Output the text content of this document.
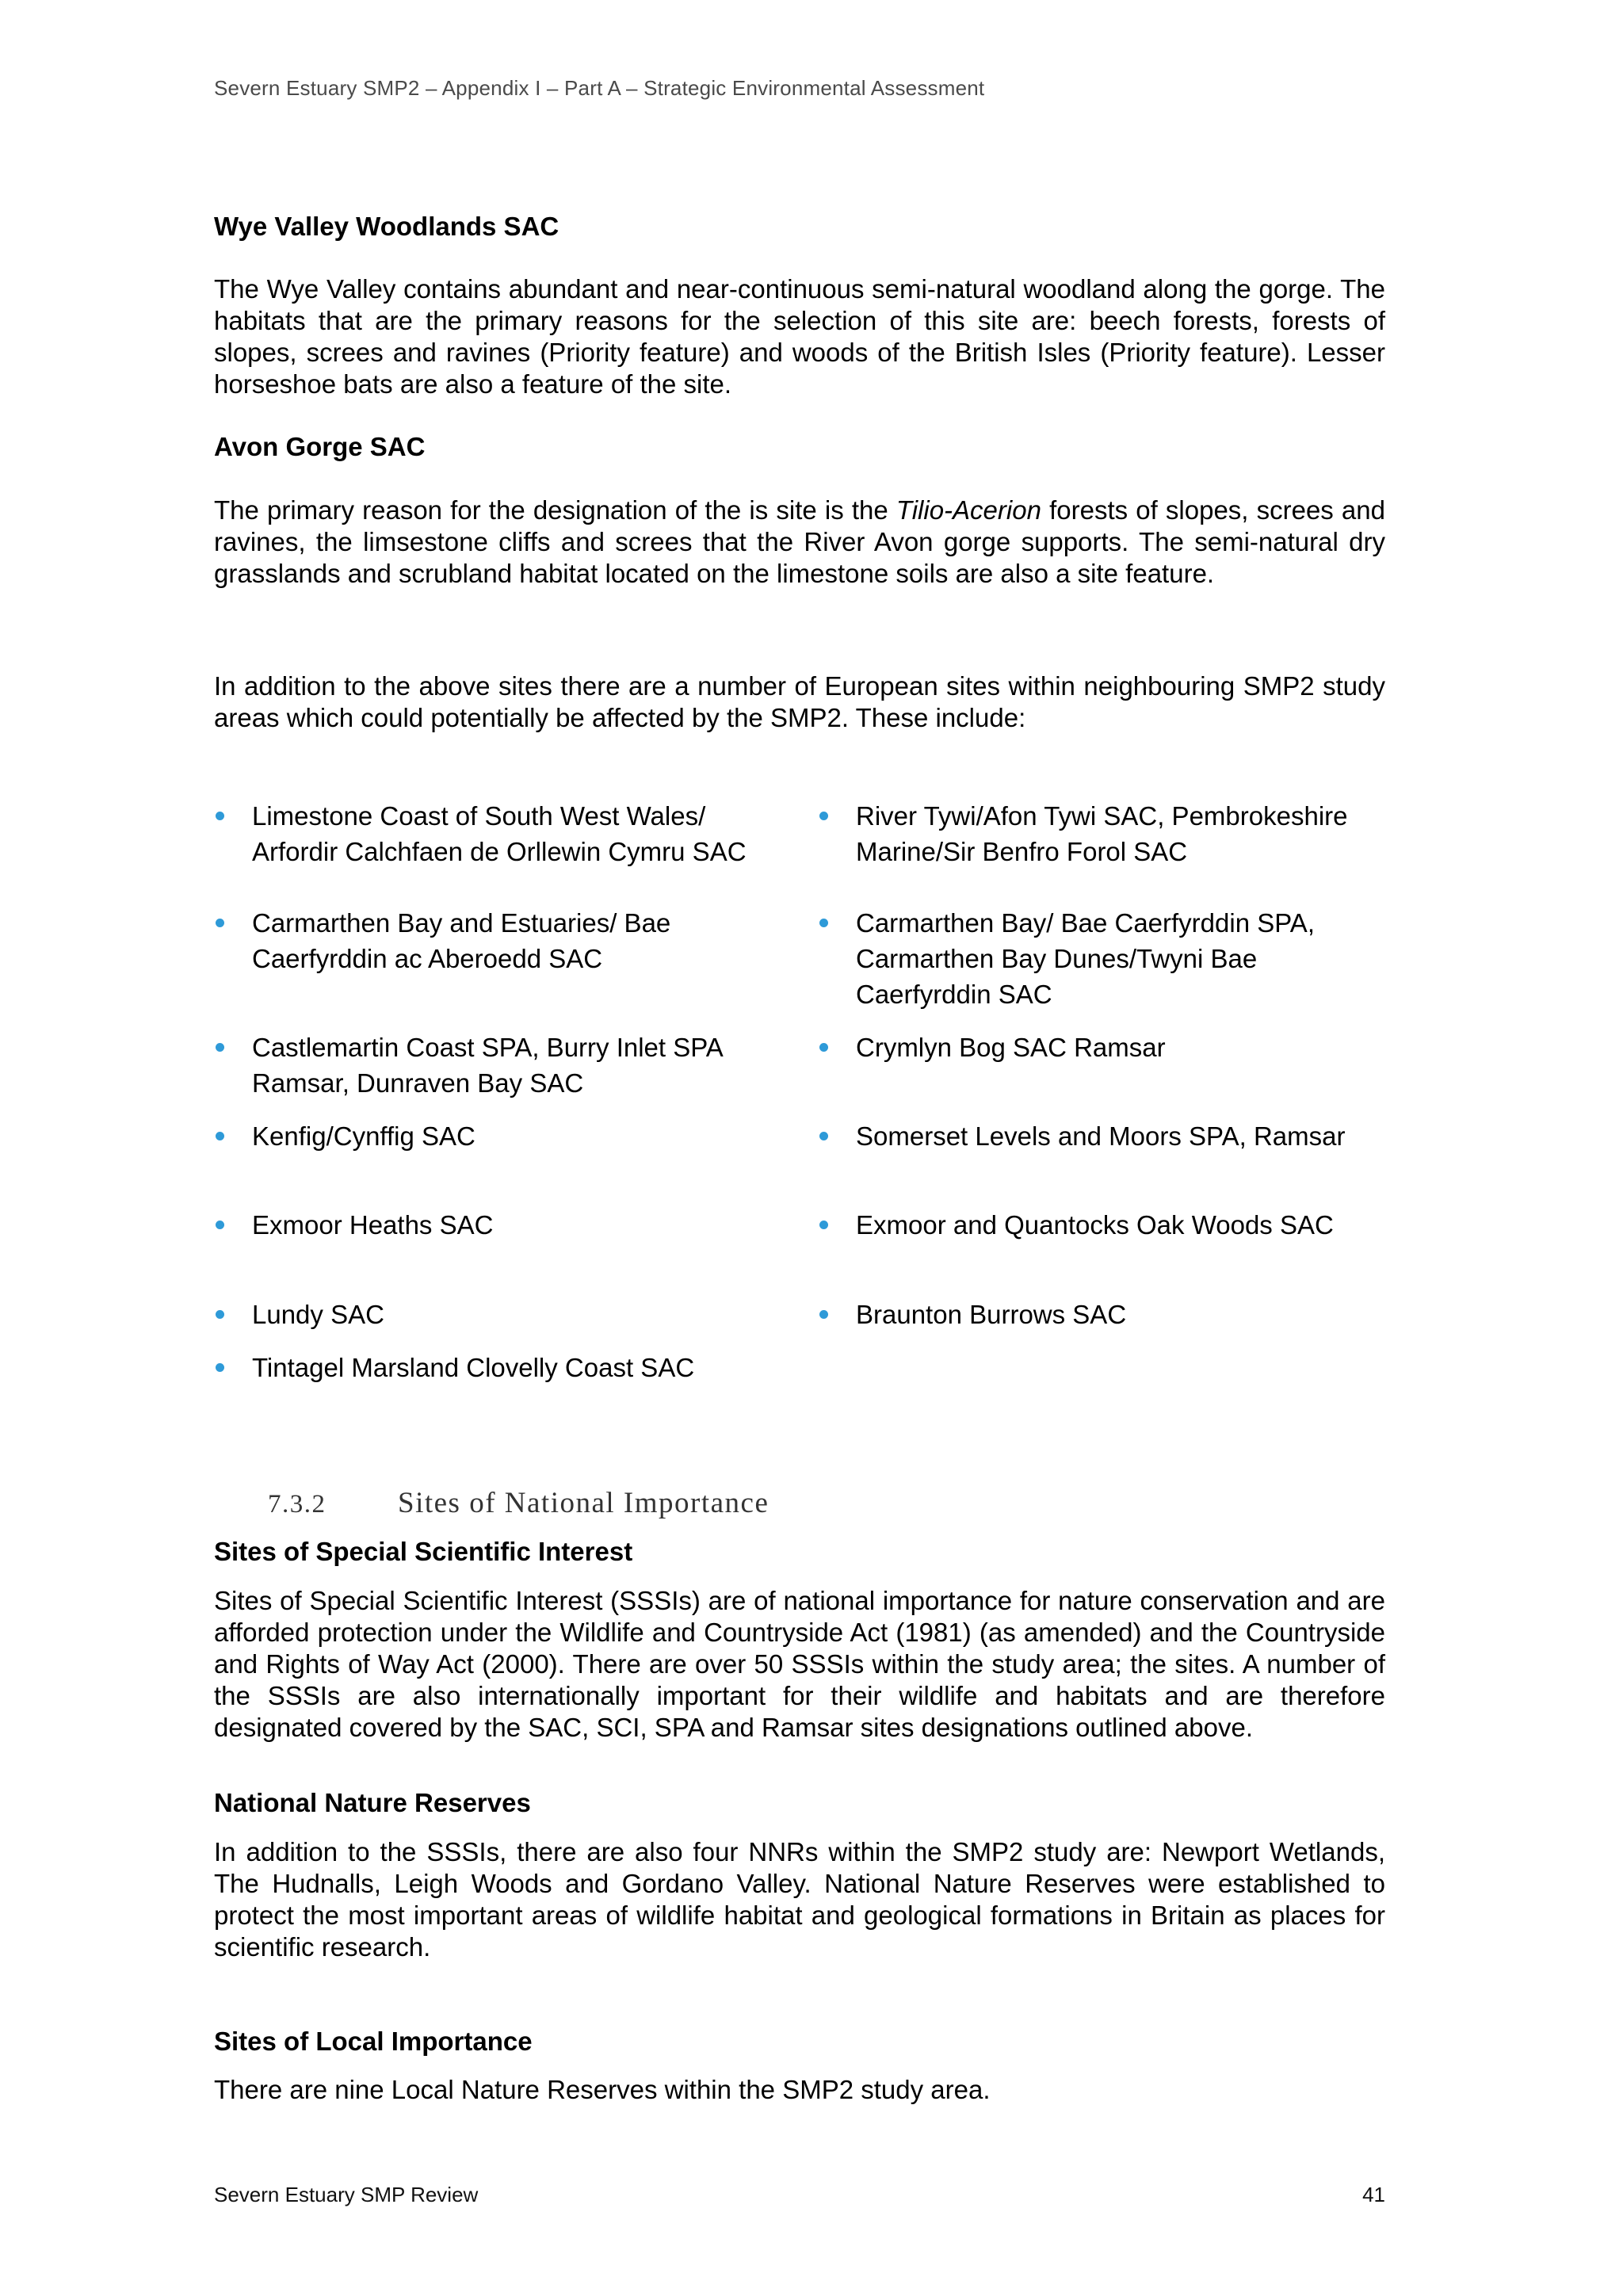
Severn Estuary SMP2 – Appendix I – Part A – Strategic Environmental Assessment
Wye Valley Woodlands SAC

The Wye Valley contains abundant and near-continuous semi-natural woodland along the gorge. The habitats that are the primary reasons for the selection of this site are: beech forests, forests of slopes, screes and ravines (Priority feature) and woods of the British Isles (Priority feature). Lesser horseshoe bats are also a feature of the site.

Avon Gorge SAC

The primary reason for the designation of the is site is the Tilio-Acerion forests of slopes, screes and ravines, the limsestone cliffs and screes that the River Avon gorge supports. The semi-natural dry grasslands and scrubland habitat located on the limestone soils are also a site feature.

In addition to the above sites there are a number of European sites within neighbouring SMP2 study areas which could potentially be affected by the SMP2. These include:

Limestone Coast of South West Wales/ Arfordir Calchfaen de Orllewin Cymru SAC
Carmarthen Bay and Estuaries/ Bae Caerfyrddin ac Aberoedd SAC
Castlemartin Coast SPA, Burry Inlet SPA Ramsar, Dunraven Bay SAC
Kenfig/Cynffig SAC
Exmoor Heaths SAC
Lundy SAC
Tintagel Marsland Clovelly Coast SAC
River Tywi/Afon Tywi SAC, Pembrokeshire Marine/Sir Benfro Forol SAC
Carmarthen Bay/ Bae Caerfyrddin SPA, Carmarthen Bay Dunes/Twyni Bae Caerfyrddin SAC
Crymlyn Bog SAC Ramsar
Somerset Levels and Moors SPA, Ramsar
Exmoor and Quantocks Oak Woods SAC
Braunton Burrows SAC
7.3.2 Sites of National Importance
Sites of Special Scientific Interest

Sites of Special Scientific Interest (SSSIs) are of national importance for nature conservation and are afforded protection under the Wildlife and Countryside Act (1981) (as amended) and the Countryside and Rights of Way Act (2000). There are over 50 SSSIs within the study area; the sites. A number of the SSSIs are also internationally important for their wildlife and habitats and are therefore designated covered by the SAC, SCI, SPA and Ramsar sites designations outlined above.

National Nature Reserves

In addition to the SSSIs, there are also four NNRs within the SMP2 study are: Newport Wetlands, The Hudnalls, Leigh Woods and Gordano Valley. National Nature Reserves were established to protect the most important areas of wildlife habitat and geological formations in Britain as places for scientific research.

Sites of Local Importance

There are nine Local Nature Reserves within the SMP2 study area.

Severn Estuary SMP Review	41
